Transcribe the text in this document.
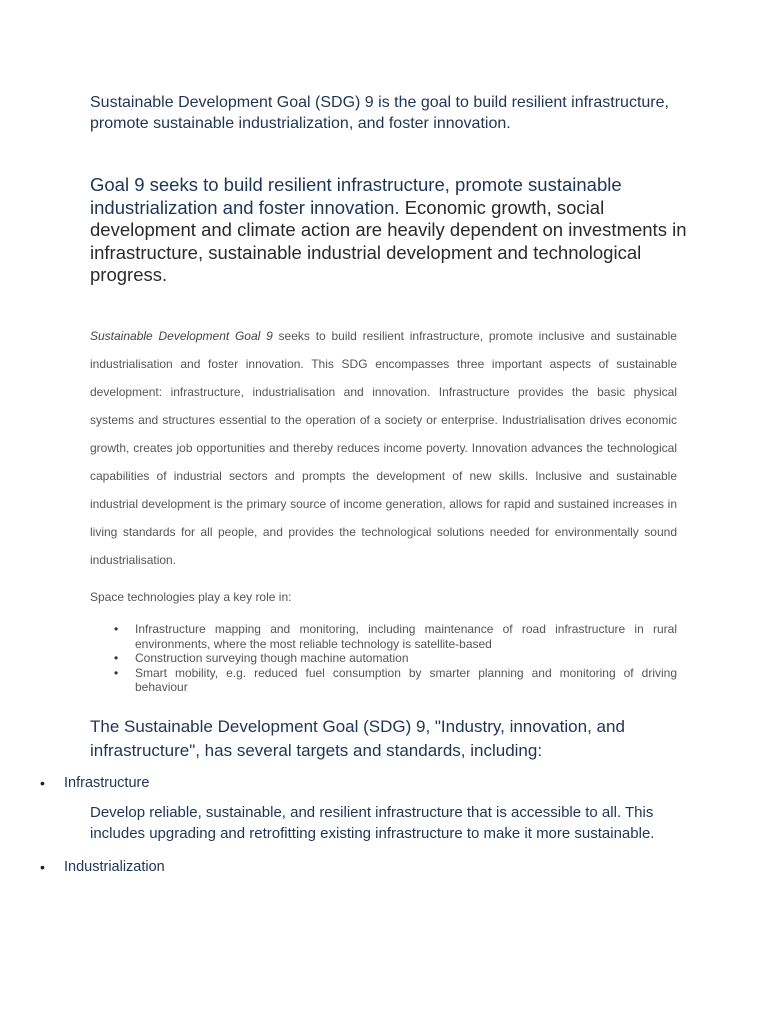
Sustainable Development Goal (SDG) 9 is the goal to build resilient infrastructure, promote sustainable industrialization, and foster innovation.

Goal 9 seeks to build resilient infrastructure, promote sustainable industrialization and foster innovation. Economic growth, social development and climate action are heavily dependent on investments in infrastructure, sustainable industrial development and technological progress.

Sustainable Development Goal 9 seeks to build resilient infrastructure, promote inclusive and sustainable industrialisation and foster innovation. This SDG encompasses three important aspects of sustainable development: infrastructure, industrialisation and innovation. Infrastructure provides the basic physical systems and structures essential to the operation of a society or enterprise. Industrialisation drives economic growth, creates job opportunities and thereby reduces income poverty. Innovation advances the technological capabilities of industrial sectors and prompts the development of new skills. Inclusive and sustainable industrial development is the primary source of income generation, allows for rapid and sustained increases in living standards for all people, and provides the technological solutions needed for environmentally sound industrialisation.

Space technologies play a key role in:

• Infrastructure mapping and monitoring, including maintenance of road infrastructure in rural environments, where the most reliable technology is satellite-based
• Construction surveying though machine automation
• Smart mobility, e.g. reduced fuel consumption by smarter planning and monitoring of driving behaviour

The Sustainable Development Goal (SDG) 9, "Industry, innovation, and infrastructure", has several targets and standards, including:

•	Infrastructure
Develop reliable, sustainable, and resilient infrastructure that is accessible to all. This includes upgrading and retrofitting existing infrastructure to make it more sustainable.
•	Industrialization
